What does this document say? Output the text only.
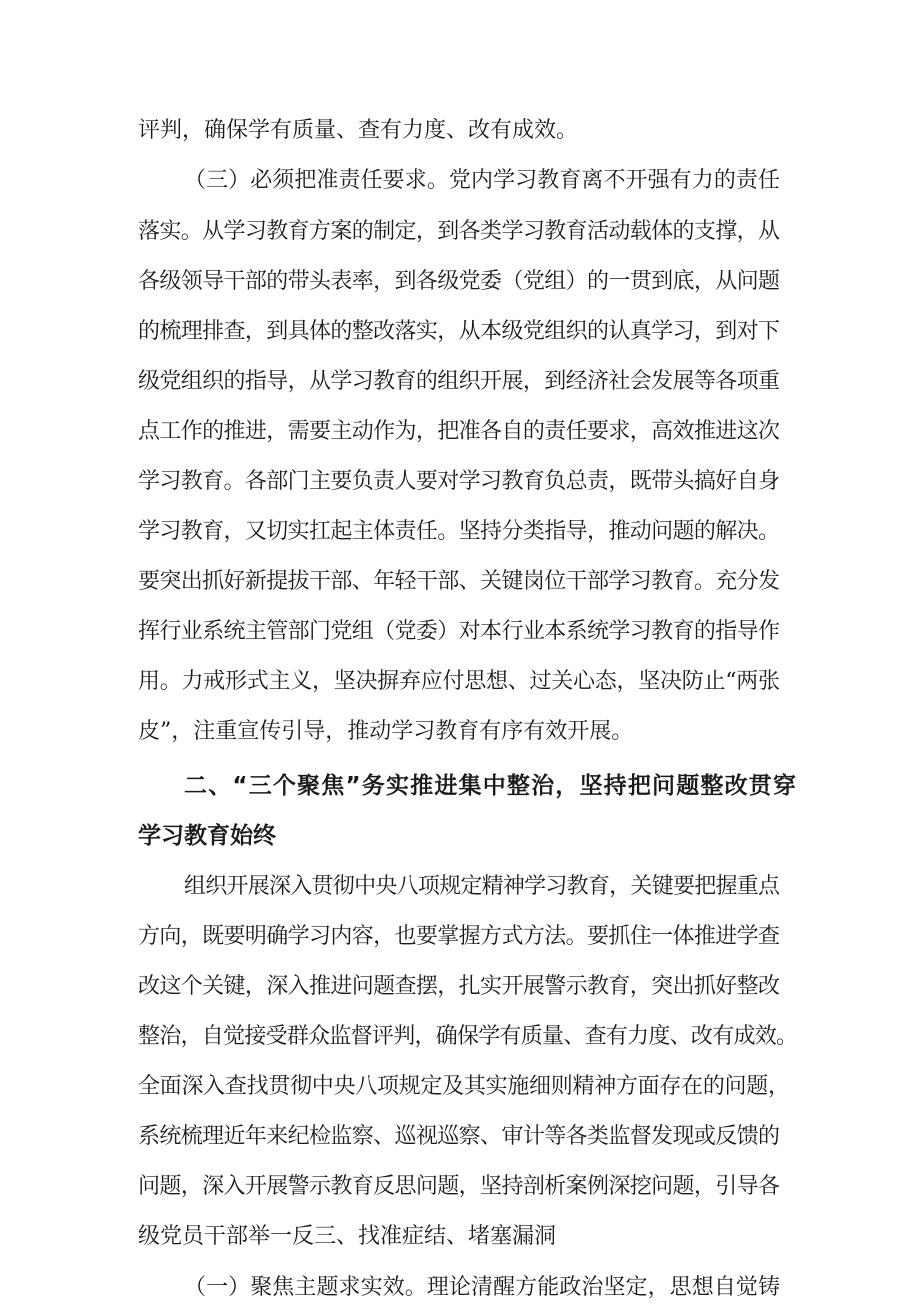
评判，确保学有质量、查有力度、改有成效。
（三）必须把准责任要求。党内学习教育离不开强有力的责任
落实。从学习教育方案的制定，到各类学习教育活动载体的支撑，从
各级领导干部的带头表率，到各级党委（党组）的一贯到底，从问题
的梳理排查，到具体的整改落实，从本级党组织的认真学习，到对下
级党组织的指导，从学习教育的组织开展，到经济社会发展等各项重
点工作的推进，需要主动作为，把准各自的责任要求，高效推进这次
学习教育。各部门主要负责人要对学习教育负总责，既带头搞好自身
学习教育，又切实扛起主体责任。坚持分类指导，推动问题的解决。
要突出抓好新提拔干部、年轻干部、关键岗位干部学习教育。充分发
挥行业系统主管部门党组（党委）对本行业本系统学习教育的指导作
用。力戒形式主义，坚决摒弃应付思想、过关心态，坚决防止“两张
皮”，注重宣传引导，推动学习教育有序有效开展。
二、“三个聚焦”务实推进集中整治，坚持把问题整改贯穿
学习教育始终
组织开展深入贯彻中央八项规定精神学习教育，关键要把握重点
方向，既要明确学习内容，也要掌握方式方法。要抓住一体推进学查
改这个关键，深入推进问题查摆，扎实开展警示教育，突出抓好整改
整治，自觉接受群众监督评判，确保学有质量、查有力度、改有成效。
全面深入查找贯彻中央八项规定及其实施细则精神方面存在的问题，
系统梳理近年来纪检监察、巡视巡察、审计等各类监督发现或反馈的
问题，深入开展警示教育反思问题，坚持剖析案例深挖问题，引导各
级党员干部举一反三、找准症结、堵塞漏洞
（一）聚焦主题求实效。理论清醒方能政治坚定，思想自觉铸
